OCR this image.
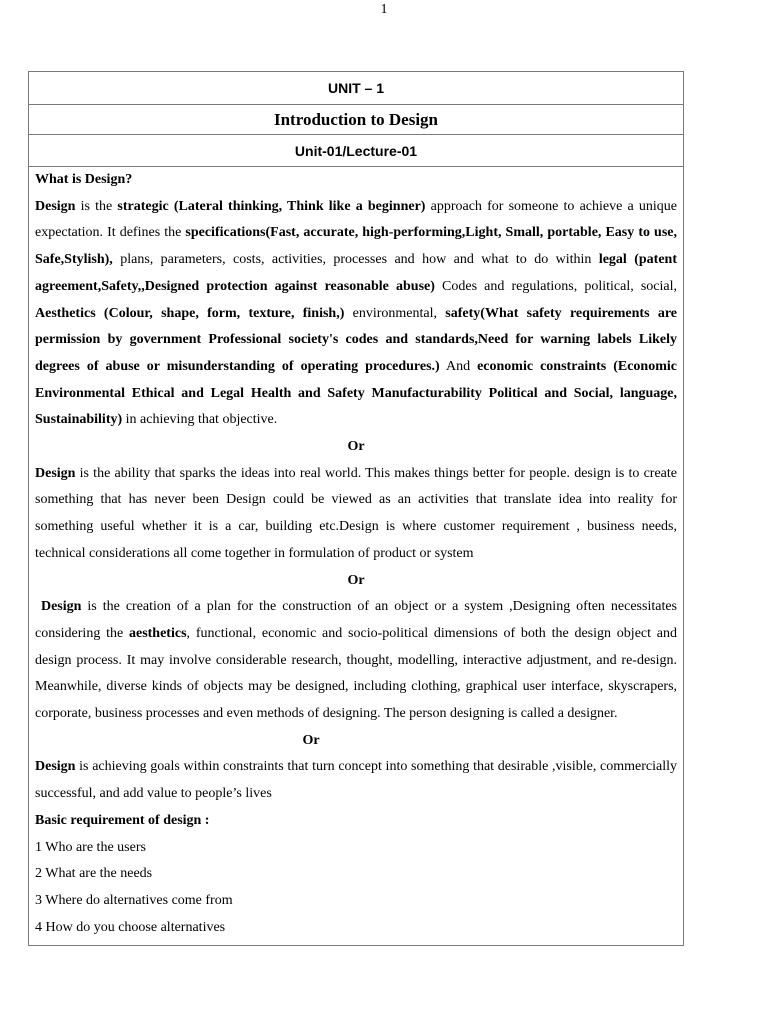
1
UNIT – 1
Introduction to Design
Unit-01/Lecture-01

What is Design?

Design is the strategic (Lateral thinking, Think like a beginner) approach for someone to achieve a unique expectation. It defines the specifications(Fast, accurate, high-performing,Light, Small, portable, Easy to use, Safe,Stylish), plans, parameters, costs, activities, processes and how and what to do within legal (patent agreement,Safety,,Designed protection against reasonable abuse) Codes and regulations, political, social, Aesthetics (Colour, shape, form, texture, finish,) environmental, safety(What safety requirements are permission by government Professional society's codes and standards,Need for warning labels Likely degrees of abuse or misunderstanding of operating procedures.) And economic constraints (Economic Environmental Ethical and Legal Health and Safety Manufacturability Political and Social, language, Sustainability) in achieving that objective.

Or

Design is the ability that sparks the ideas into real world. This makes things better for people. design is to create something that has never been Design could be viewed as an activities that translate idea into reality for something useful whether it is a car, building etc.Design is where customer requirement , business needs, technical considerations all come together in formulation of product or system

Or

Design is the creation of a plan for the construction of an object or a system ,Designing often necessitates considering the aesthetics, functional, economic and socio-political dimensions of both the design object and design process. It may involve considerable research, thought, modelling, interactive adjustment, and re-design. Meanwhile, diverse kinds of objects may be designed, including clothing, graphical user interface, skyscrapers, corporate, business processes and even methods of designing. The person designing is called a designer.

Or

Design is achieving goals within constraints that turn concept into something that desirable ,visible, commercially successful, and add value to people’s lives

Basic requirement of design :

1 Who are the users

2 What are the needs

3 Where do alternatives come from

4 How do you choose alternatives
